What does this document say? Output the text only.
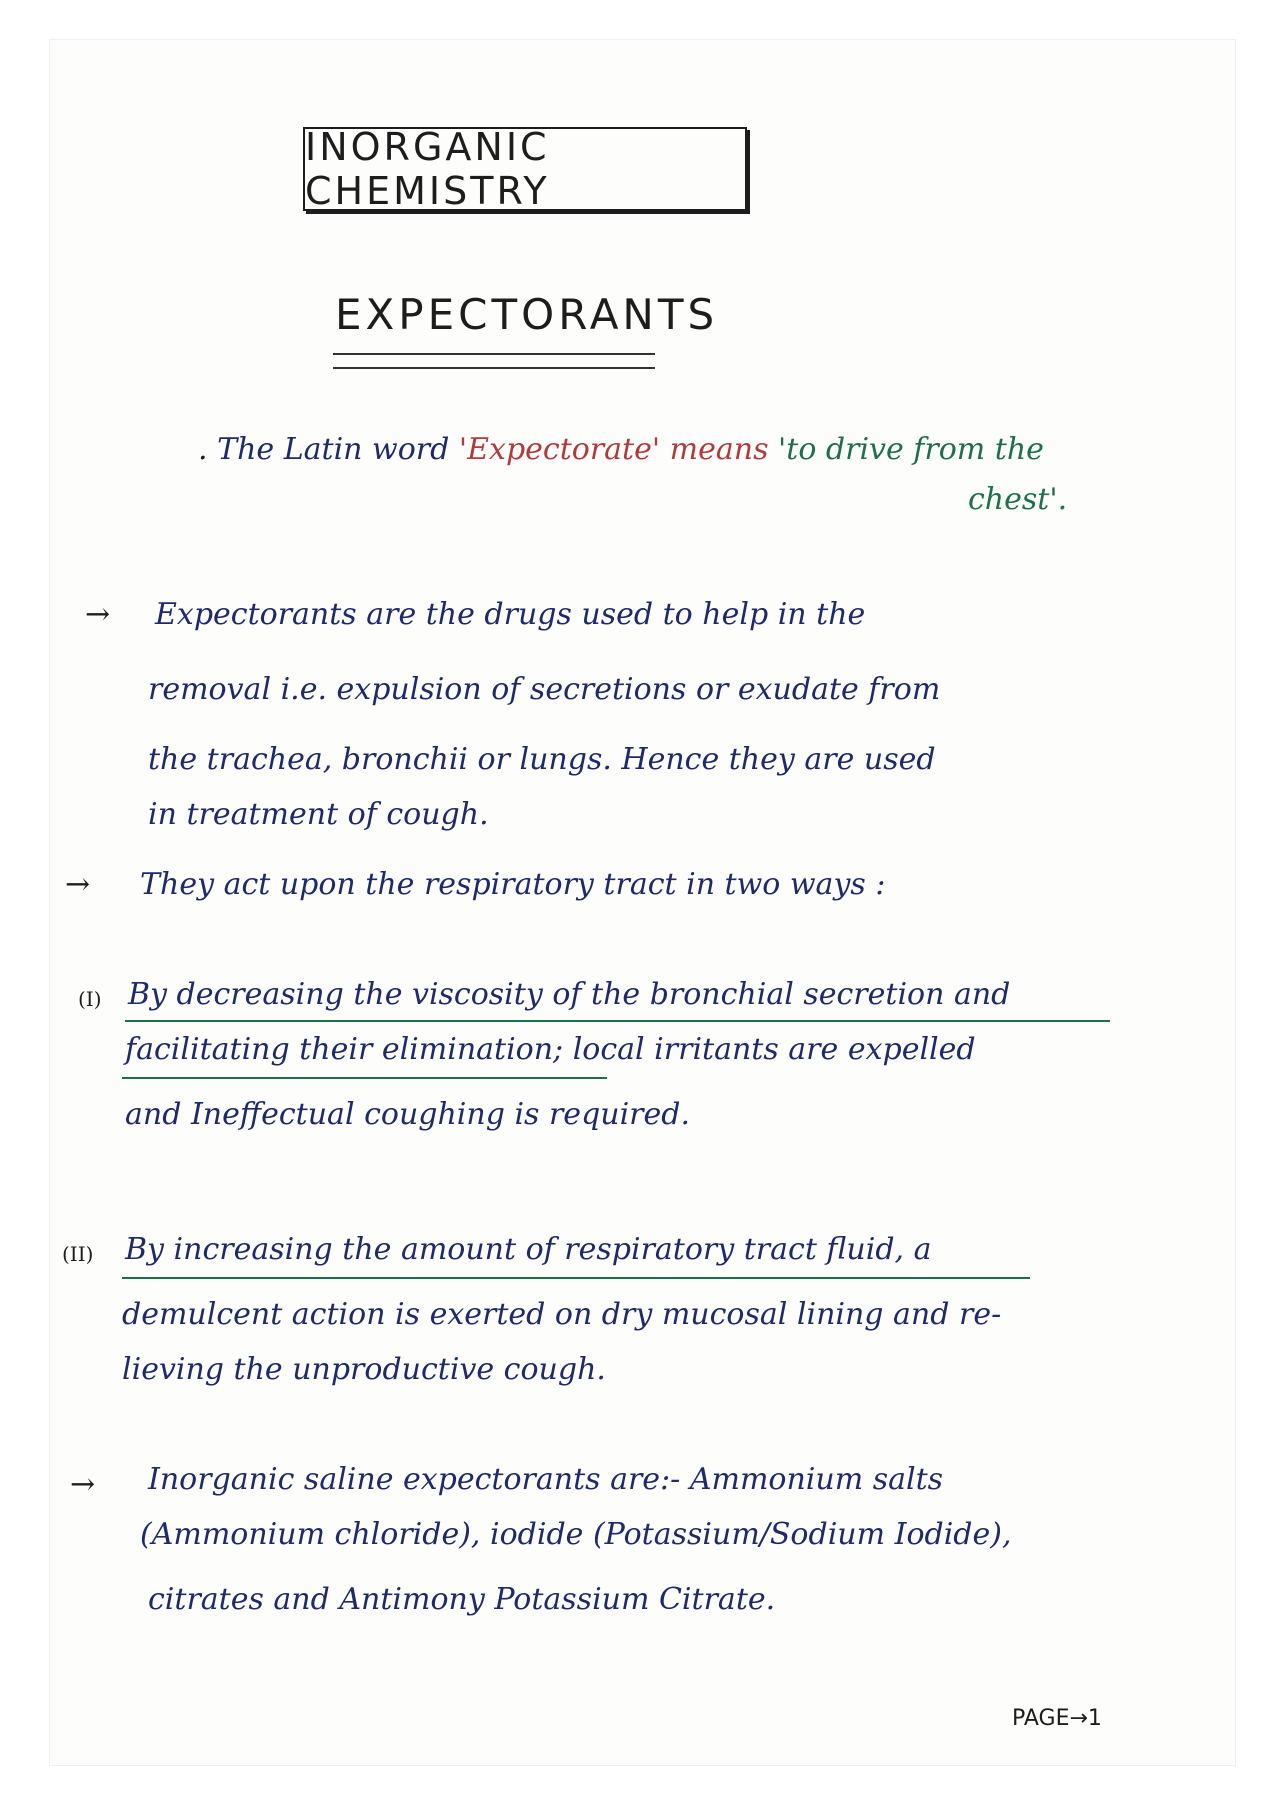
INORGANIC CHEMISTRY
EXPECTORANTS
. The Latin word 'Expectorate' means 'to drive from the
chest'.
→ Expectorants are the drugs used to help in the
removal i.e. expulsion of secretions or exudate from
the trachea, bronchii or lungs. Hence they are used
in treatment of cough.
→ They act upon the respiratory tract in two ways :
(I) By decreasing the viscosity of the bronchial secretion and
facilitating their elimination; local irritants are expelled
and Ineffectual coughing is required.
(II) By increasing the amount of respiratory tract fluid, a
demulcent action is exerted on dry mucosal lining and re-
lieving the unproductive cough.
→ Inorganic saline expectorants are:- Ammonium salts
(Ammonium chloride), iodide (Potassium/Sodium Iodide),
citrates and Antimony Potassium Citrate.
PAGE→1
